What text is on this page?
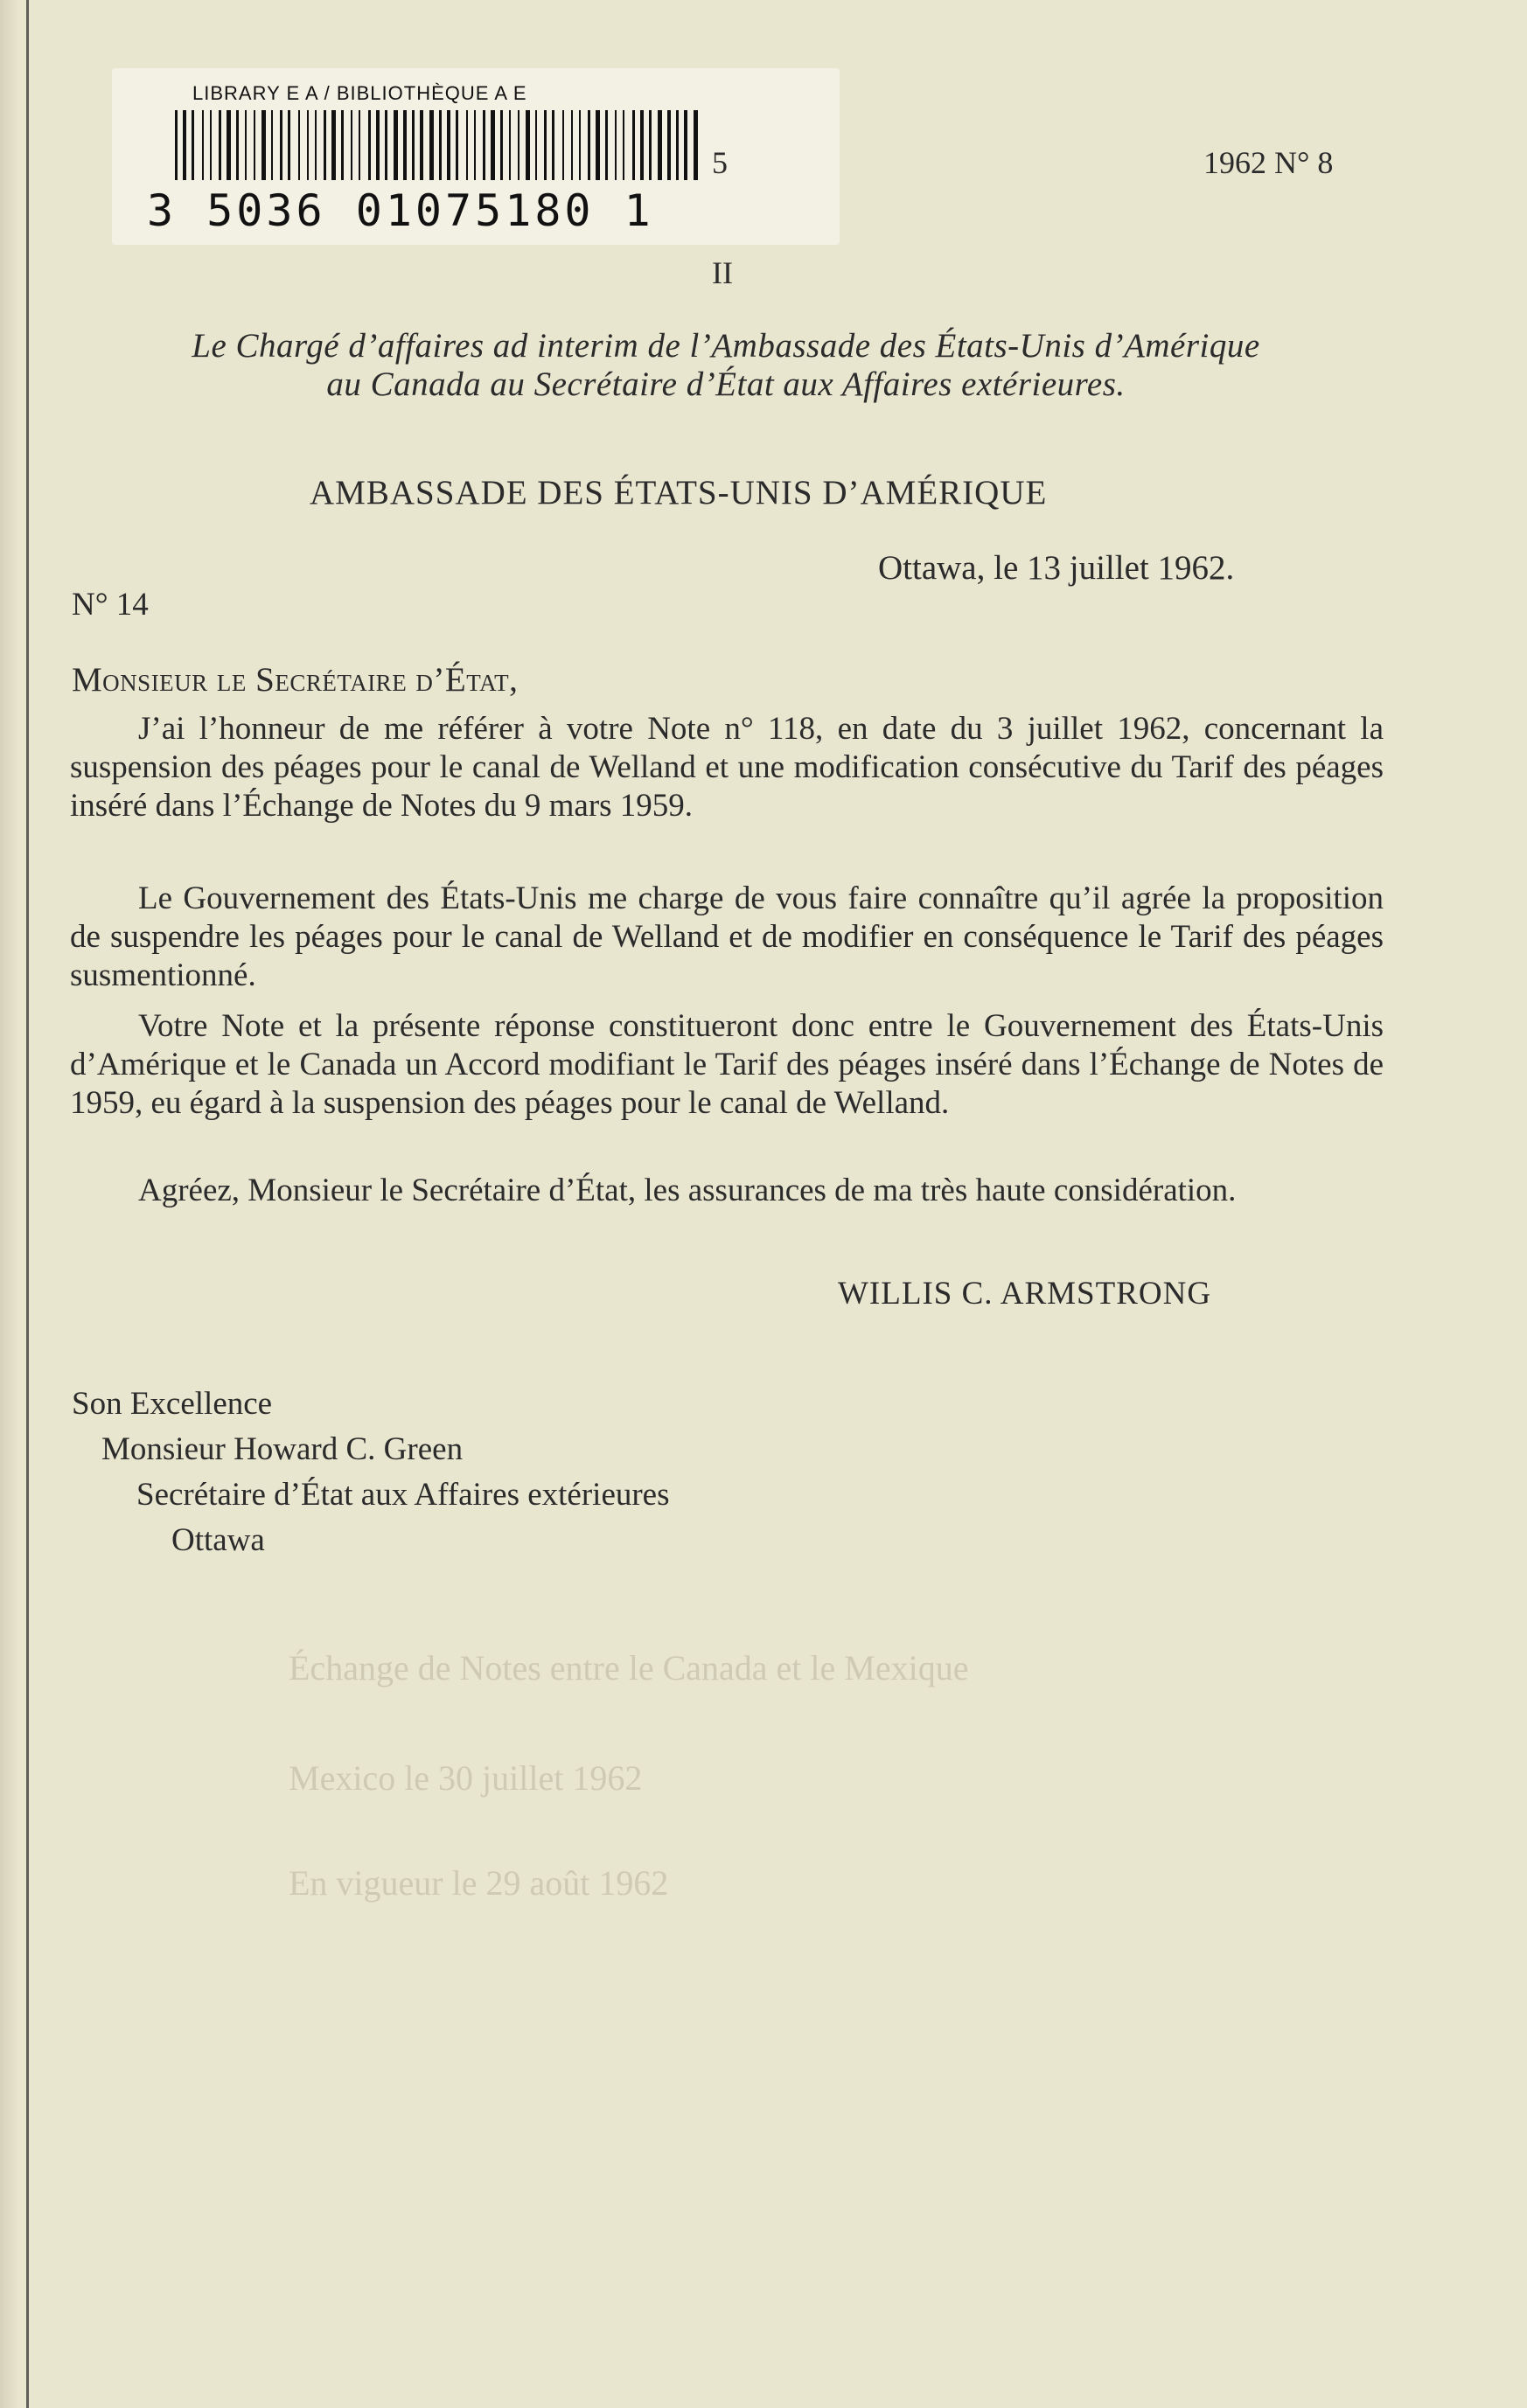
LIBRARY E A / BIBLIOTHÈQUE A E
3 5036 01075180 1
5	1962 N° 8
II
Le Chargé d’affaires ad interim de l’Ambassade des États-Unis d’Amérique
au Canada au Secrétaire d’État aux Affaires extérieures.
AMBASSADE DES ÉTATS-UNIS D’AMÉRIQUE
Ottawa, le 13 juillet 1962.
N° 14
Monsieur le Secrétaire d’État,
J’ai l’honneur de me référer à votre Note n° 118, en date du 3 juillet 1962, concernant la suspension des péages pour le canal de Welland et une modification consécutive du Tarif des péages inséré dans l’Échange de Notes du 9 mars 1959.
Le Gouvernement des États-Unis me charge de vous faire connaître qu’il agrée la proposition de suspendre les péages pour le canal de Welland et de modifier en conséquence le Tarif des péages susmentionné.
Votre Note et la présente réponse constitueront donc entre le Gouvernement des États-Unis d’Amérique et le Canada un Accord modifiant le Tarif des péages inséré dans l’Échange de Notes de 1959, eu égard à la suspension des péages pour le canal de Welland.
Agréez, Monsieur le Secrétaire d’État, les assurances de ma très haute considération.
WILLIS C. ARMSTRONG
Son Excellence
Monsieur Howard C. Green
Secrétaire d’État aux Affaires extérieures
Ottawa
Échange de Notes entre le Canada et le Mexique
Mexico le 30 juillet 1962
En vigueur le 29 août 1962
